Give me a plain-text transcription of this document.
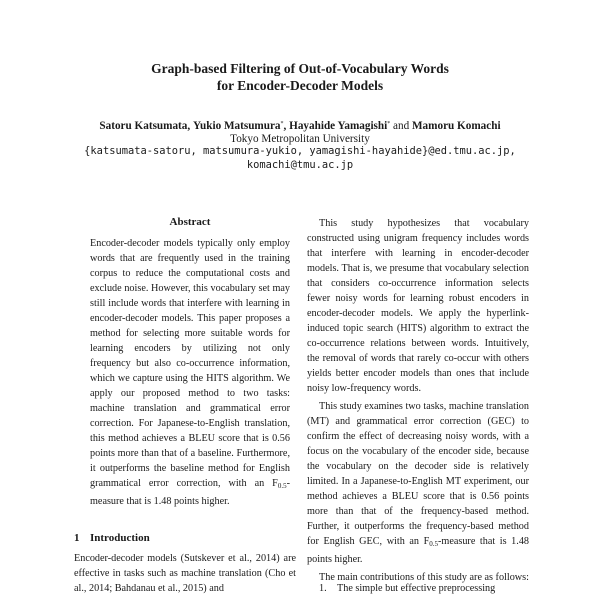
Graph-based Filtering of Out-of-Vocabulary Words
for Encoder-Decoder Models
Satoru Katsumata, Yukio Matsumura*, Hayahide Yamagishi* and Mamoru Komachi
Tokyo Metropolitan University
{katsumata-satoru, matsumura-yukio, yamagishi-hayahide}@ed.tmu.ac.jp,
komachi@tmu.ac.jp
Abstract
Encoder-decoder models typically only employ words that are frequently used in the training corpus to reduce the computational costs and exclude noise. However, this vocabulary set may still include words that interfere with learning in encoder-decoder models. This paper proposes a method for selecting more suitable words for learning encoders by utilizing not only frequency but also co-occurrence information, which we capture using the HITS algorithm. We apply our proposed method to two tasks: machine translation and grammatical error correction. For Japanese-to-English translation, this method achieves a BLEU score that is 0.56 points more than that of a baseline. Furthermore, it outperforms the baseline method for English grammatical error correction, with an $F_{0.5}$-measure that is 1.48 points higher.
1 Introduction
Encoder-decoder models (Sutskever et al., 2014) are effective in tasks such as machine translation (Cho et al., 2014; Bahdanau et al., 2015) and

This study hypothesizes that vocabulary constructed using unigram frequency includes words that interfere with learning in encoder-decoder models. That is, we presume that vocabulary selection that considers co-occurrence information selects fewer noisy words for learning robust encoders in encoder-decoder models. We apply the hyperlink-induced topic search (HITS) algorithm to extract the co-occurrence relations between words. Intuitively, the removal of words that rarely co-occur with others yields better encoder models than ones that include noisy low-frequency words.

This study examines two tasks, machine translation (MT) and grammatical error correction (GEC) to confirm the effect of decreasing noisy words, with a focus on the vocabulary of the encoder side, because the vocabulary on the decoder side is relatively limited. In a Japanese-to-English MT experiment, our method achieves a BLEU score that is 0.56 points more than that of the frequency-based method. Further, it outperforms the frequency-based method for English GEC, with an $F_{0.5}$-measure that is 1.48 points higher.

The main contributions of this study are as follows:

1. The simple but effective preprocessing
